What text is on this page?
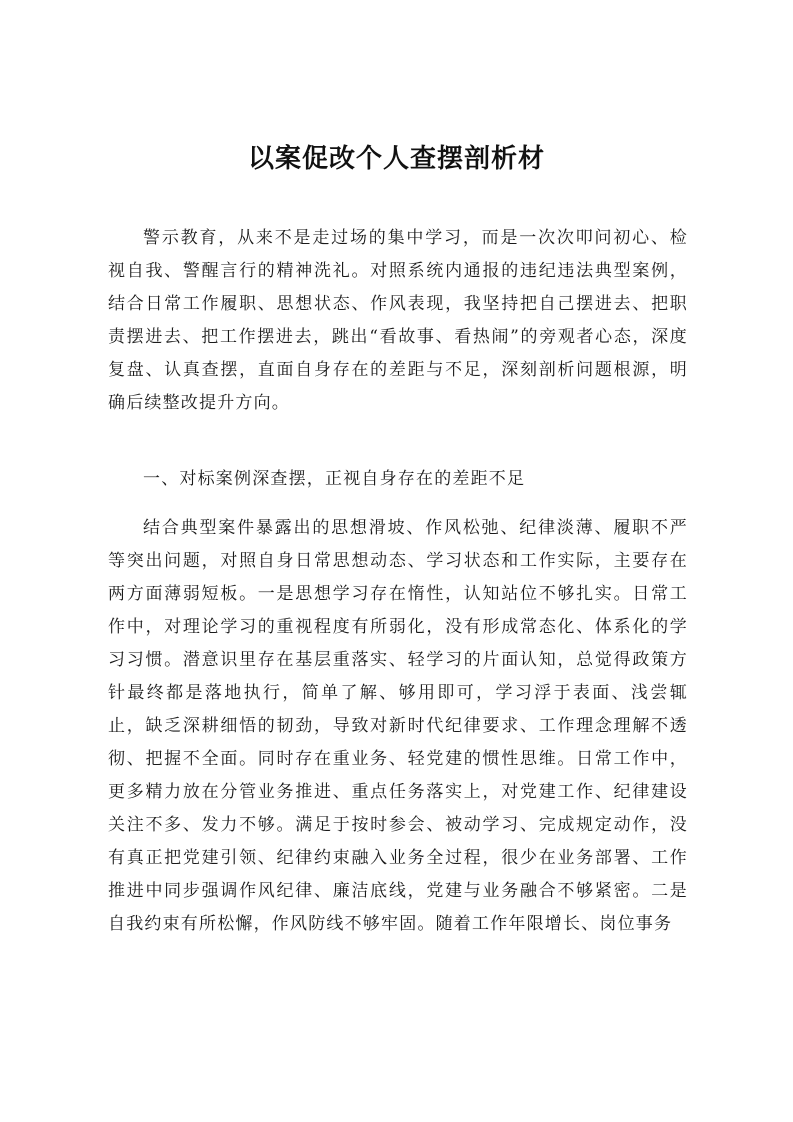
以案促改个人查摆剖析材

警示教育，从来不是走过场的集中学习，而是一次次叩问初心、检视自我、警醒言行的精神洗礼。对照系统内通报的违纪违法典型案例，结合日常工作履职、思想状态、作风表现，我坚持把自己摆进去、把职责摆进去、把工作摆进去，跳出“看故事、看热闹”的旁观者心态，深度复盘、认真查摆，直面自身存在的差距与不足，深刻剖析问题根源，明确后续整改提升方向。

一、对标案例深查摆，正视自身存在的差距不足

结合典型案件暴露出的思想滑坡、作风松弛、纪律淡薄、履职不严等突出问题，对照自身日常思想动态、学习状态和工作实际，主要存在两方面薄弱短板。一是思想学习存在惰性，认知站位不够扎实。日常工作中，对理论学习的重视程度有所弱化，没有形成常态化、体系化的学习习惯。潜意识里存在基层重落实、轻学习的片面认知，总觉得政策方针最终都是落地执行，简单了解、够用即可，学习浮于表面、浅尝辄止，缺乏深耕细悟的韧劲，导致对新时代纪律要求、工作理念理解不透彻、把握不全面。同时存在重业务、轻党建的惯性思维。日常工作中，更多精力放在分管业务推进、重点任务落实上，对党建工作、纪律建设关注不多、发力不够。满足于按时参会、被动学习、完成规定动作，没有真正把党建引领、纪律约束融入业务全过程，很少在业务部署、工作推进中同步强调作风纪律、廉洁底线，党建与业务融合不够紧密。二是自我约束有所松懈，作风防线不够牢固。随着工作年限增长、岗位事务
